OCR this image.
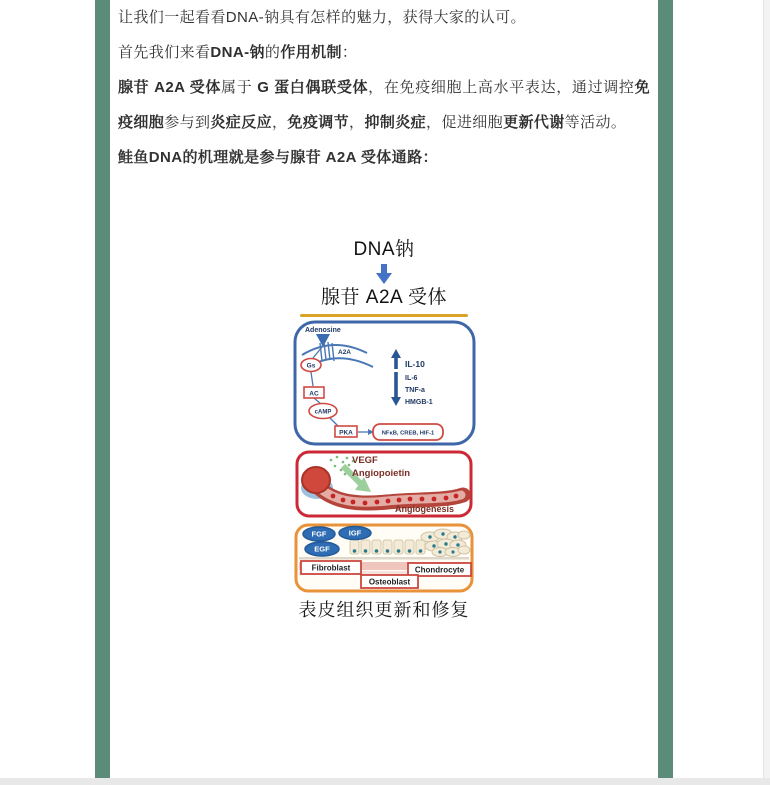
让我们一起看看DNA-钠具有怎样的魅力，获得大家的认可。

首先我们来看DNA-钠的作用机制：

腺苷 A2A 受体属于 G 蛋白偶联受体，在免疫细胞上高水平表达，通过调控免疫细胞参与到炎症反应，免疫调节，抑制炎症，促进细胞更新代谢等活动。

鲑鱼DNA的机理就是参与腺苷 A2A 受体通路：

DNA钠
腺苷 A2A 受体
Adenosine
A2A
Gs
AC
cAMP
PKA	NFκB, CREB, HIF-1
IL-10
IL-6
TNF-a
HMGB-1
VEGF
Angiopoietin
Angiogenesis
FGF	IGF
EGF
Fibroblast	Chondrocyte
Osteoblast
表皮组织更新和修复
